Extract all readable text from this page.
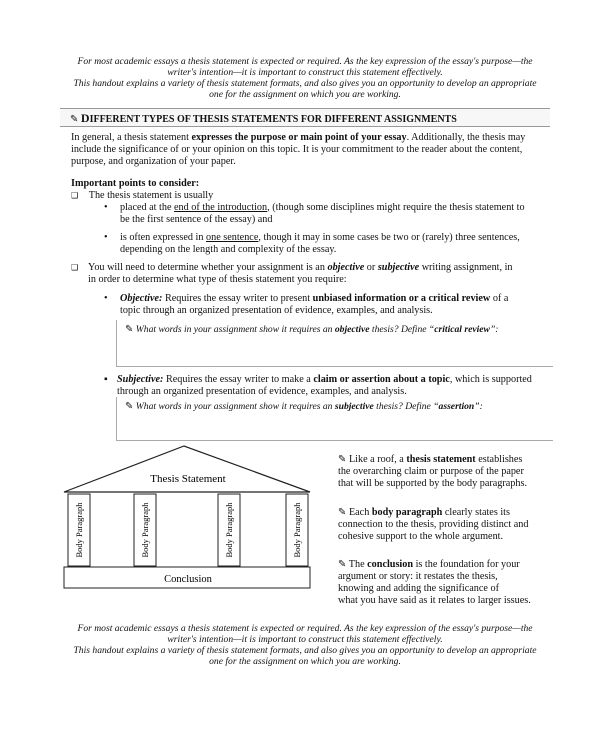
For most academic essays a thesis statement is expected or required. As the key expression of the essay's purpose—the

writer's intention—it is important to construct this statement effectively.

This handout explains a variety of thesis statement formats, and also gives you an opportunity to develop an appropriate

one for the assignment on which you are working.

✎ DIFFERENT TYPES OF THESIS STATEMENTS FOR DIFFERENT ASSIGNMENTS
In general, a thesis statement expresses the purpose or main point of your essay. Additionally, the thesis may
include the significance of or your opinion on this topic. It is your commitment to the reader about the content,
purpose, and organization of your paper.
Important points to consider:
❑ The thesis statement is usually
• placed at the end of the introduction, (though some disciplines might require the thesis statement to
be the first sentence of the essay) and
• is often expressed in one sentence, though it may in some cases be two or (rarely) three sentences,
depending on the length and complexity of the essay.
❑ You will need to determine whether your assignment is an objective or subjective writing assignment, in
in order to determine what type of thesis statement you require:
• Objective: Requires the essay writer to present unbiased information or a critical review of a
topic through an organized presentation of evidence, examples, and analysis.
✎ What words in your assignment show it requires an objective thesis? Define “critical review”:
▪ Subjective: Requires the essay writer to make a claim or assertion about a topic, which is supported
through an organized presentation of evidence, examples, and analysis.
✎ What words in your assignment show it requires an subjective thesis? Define “assertion”:
Thesis Statement
Body Paragraph	Body Paragraph	Body Paragraph	Body Paragraph
Conclusion

✎ Like a roof, a thesis statement establishes

the overarching claim or purpose of the paper

that will be supported by the body paragraphs.

✎ Each body paragraph clearly states its

connection to the thesis, providing distinct and

cohesive support to the whole argument.

✎ The conclusion is the foundation for your

argument or story: it restates the thesis,

knowing and adding the significance of

what you have said as it relates to larger issues.

For most academic essays a thesis statement is expected or required. As the key expression of the essay's purpose—the

writer's intention—it is important to construct this statement effectively.

This handout explains a variety of thesis statement formats, and also gives you an opportunity to develop an appropriate

one for the assignment on which you are working.
